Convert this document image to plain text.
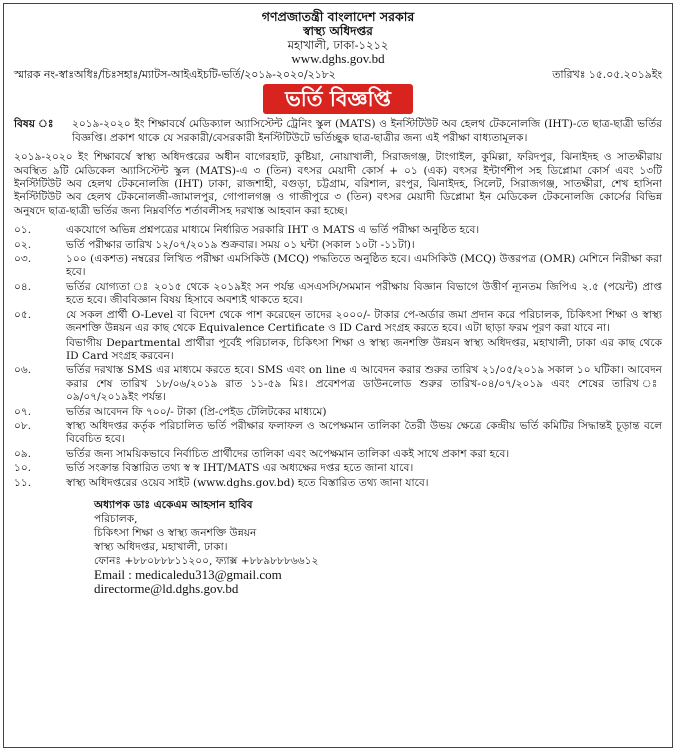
গণপ্রজাতন্ত্রী বাংলাদেশ সরকার
স্বাস্থ্য অধিদপ্তর
মহাখালী, ঢাকা-১২১২
www.dghs.gov.bd
স্মারক নং-স্বাঃঅধিঃ/চিঃসহাঃ/ম্যাটস-আইএইচটি-ভর্তি/২০১৯-২০২০/২১৮২	তারিখঃ ১৫.০৫.২০১৯ইং
ভর্তি বিজ্ঞপ্তি
বিষয় ঃ	২০১৯-২০২০ ইং শিক্ষাবর্ষে মেডিক্যাল অ্যাসিস্টেন্ট ট্রেনিং স্কুল (MATS) ও ইনস্টিটিউট অব হেলথ টেকনোলজি (IHT)-তে ছাত্র-ছাত্রী ভর্তির বিজ্ঞপ্তি। প্রকাশ থাকে যে সরকারী/বেসরকারী ইনস্টিটিউটে ভর্তিচ্ছুক ছাত্র-ছাত্রীর জন্য এই পরীক্ষা বাধ্যতামূলক।
২০১৯-২০২০ ইং শিক্ষাবর্ষে স্বাস্থ্য অধিদপ্তরের অধীন বাগেরহাট, কুষ্টিয়া, নোয়াখালী, সিরাজগঞ্জ, টাংগাইল, কুমিল্লা, ফরিদপুর, ঝিনাইদহ ও সাতক্ষীরায় অবস্থিত ৯টি মেডিকেল অ্যাসিস্টেন্ট স্কুল (MATS)-এ ৩ (তিন) বৎসর মেয়াদী কোর্স + ০১ (এক) বৎসর ইন্টার্ণশীপ সহ ডিপ্লোমা কোর্স এবং ১৩টি ইনস্টিটিউট অব হেলথ টেকনোলজি (IHT) ঢাকা, রাজশাহী, বগুড়া, চট্টগ্রাম, বরিশাল, রংপুর, ঝিনাইদহ, সিলেট, সিরাজগঞ্জ, সাতক্ষীরা, শেখ হাসিনা ইনস্টিটিউট অব হেলথ টেকনোলজী-জামালপুর, গোপালগঞ্জ ও গাজীপুরে ৩ (তিন) বৎসর মেয়াদী ডিপ্লোমা ইন মেডিকেল টেকনোলজি কোর্সের বিভিন্ন অনুষদে ছাত্র-ছাত্রী ভর্তির জন্য নিম্নবর্ণিত শর্তাবলীসহ দরখাস্ত আহবান করা হচ্ছে।
০১.	একযোগে অভিন্ন প্রশ্নপত্রের মাধ্যমে নির্ধারিত সরকারি IHT ও MATS এ ভর্তি পরীক্ষা অনুষ্ঠিত হবে।
০২.	ভর্তি পরীক্ষার তারিখ ১২/০৭/২০১৯ শুক্রবার। সময় ০১ ঘন্টা (সকাল ১০টা -১১টা)।
০৩.	১০০ (একশত) নম্বরের লিখিত পরীক্ষা এমসিকিউ (MCQ) পদ্ধতিতে অনুষ্ঠিত হবে। এমসিকিউ (MCQ) উত্তরপত্র (OMR) মেশিনে নিরীক্ষা করা হবে।
০৪.	ভর্তির যোগ্যতা ঃ ২০১৫ থেকে ২০১৯ইং সন পর্যন্ত এসএসসি/সমমান পরীক্ষায় বিজ্ঞান বিভাগে উত্তীর্ণ ন্যূনতম জিপিএ ২.৫ (পয়েন্ট) প্রাপ্ত হতে হবে। জীববিজ্ঞান বিষয় হিসাবে অবশ্যই থাকতে হবে।
০৫.	যে সকল প্রার্থী O-Level বা বিদেশ থেকে পাশ করেছেন তাদের ২০০০/- টাকার পে-অর্ডার জমা প্রদান করে পরিচালক, চিকিৎসা শিক্ষা ও স্বাস্থ্য জনশক্তি উন্নয়ন এর কাছ থেকে Equivalence Certificate ও ID Card সংগ্রহ করতে হবে। এটা ছাড়া ফরম পূরণ করা যাবে না।
বিভাগীয় Departmental প্রার্থীরা পূর্বেই পরিচালক, চিকিৎসা শিক্ষা ও স্বাস্থ্য জনশক্তি উন্নয়ন স্বাস্থ্য অধিদপ্তর, মহাখালী, ঢাকা এর কাছ থেকে ID Card সংগ্রহ করবেন।
০৬.	ভর্তির দরখাস্ত SMS এর মাধ্যমে করতে হবে। SMS এবং on line এ আবেদন করার শুরুর তারিখ ২১/০৫/২০১৯ সকাল ১০ ঘটিকা। আবেদন করার শেষ তারিখ ১৮/০৬/২০১৯ রাত ১১-৫৯ মিঃ। প্রবেশপত্র ডাউনলোড শুরুর তারিখ-০৪/০৭/২০১৯ এবং শেষের তারিখ ঃ ০৯/০৭/২০১৯ইং পর্যন্ত।
০৭.	ভর্তির আবেদন ফি ৭০০/- টাকা (প্রি-পেইড টেলিটকের মাধ্যমে)
০৮.	স্বাস্থ্য অধিদপ্তর কর্তৃক পরিচালিত ভর্তি পরীক্ষার ফলাফল ও অপেক্ষমান তালিকা তৈরী উভয় ক্ষেত্রে কেন্দ্রীয় ভর্তি কমিটির সিদ্ধান্তই চূড়ান্ত বলে বিবেচিত হবে।
০৯.	ভর্তির জন্য সাময়িকভাবে নির্বাচিত প্রার্থীদের তালিকা এবং অপেক্ষমান তালিকা একই সাথে প্রকাশ করা হবে।
১০.	ভর্তি সংক্রান্ত বিস্তারিত তথ্য স্ব স্ব IHT/MATS এর অধ্যক্ষের দপ্তর হতে জানা যাবে।
১১.	স্বাস্থ্য অধিদপ্তরের ওয়েব সাইট (www.dghs.gov.bd) হতে বিস্তারিত তথ্য জানা যাবে।
অধ্যাপক ডাঃ একেএম আহসান হাবিব
পরিচালক,
চিকিৎসা শিক্ষা ও স্বাস্থ্য জনশক্তি উন্নয়ন
স্বাস্থ্য অধিদপ্তর, মহাখালী, ঢাকা।
ফোনঃ +৮৮০৮৮৮১১২০০, ফ্যাক্স +৮৮৯৮৮৮৬৬১২
Email : medicaledu313@gmail.com
directorme@ld.dghs.gov.bd
